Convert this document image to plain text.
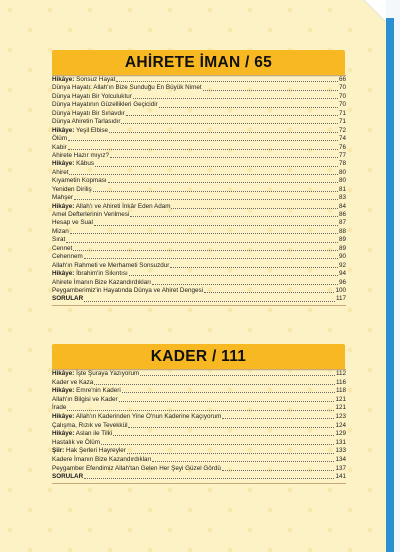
AHİRETE İMAN / 65
Hikâye: Sonsuz Hayat	66
Dünya Hayatı: Allah'ın Bize Sunduğu En Büyük Nimet	70
Dünya Hayatı Bir Yolculuktur	70
Dünya Hayatının Güzellikleri Geçicidir	70
Dünya Hayatı Bir Sınavdır	71
Dünya Ahiretin Tarlasıdır	71
Hikâye: Yeşil Elbise	72
Ölüm	74
Kabir	76
Ahirete Hazır mıyız?	77
Hikâye: Kâbus	78
Ahiret	80
Kıyametin Kopması	80
Yeniden Diriliş	81
Mahşer	83
Hikâye: Allah'ı ve Ahireti İnkâr Eden Adam	84
Amel Defterlerinin Verilmesi	86
Hesap ve Sual	87
Mizan	88
Sırat	89
Cennet	89
Cehennem	90
Allah'ın Rahmeti ve Merhameti Sonsuzdur	92
Hikâye: İbrahim'in Sıkıntısı	94
Ahirete İmanın Bize Kazandırdıkları	96
Peygamberimiz'in Hayatında Dünya ve Ahiret Dengesi	100
SORULAR	117
KADER / 111
Hikâye: İşte Şuraya Yazıyorum	112
Kader ve Kaza	116
Hikâye: Emre'nin Kaderi	118
Allah'ın Bilgisi ve Kader	121
İrade	121
Hikâye: Allah'ın Kaderinden Yine O'nun Kaderine Kaçıyorum	123
Çalışma, Rızık ve Tevekkül	124
Hikâye: Aslan ile Tilki	129
Hastalık ve Ölüm	131
Şiir: Hak Şerleri Hayreyler	133
Kadere İmanın Bize Kazandırdıkları	134
Peygamber Efendimiz Allah'tan Gelen Her Şeyi Güzel Gördü	137
SORULAR	141
